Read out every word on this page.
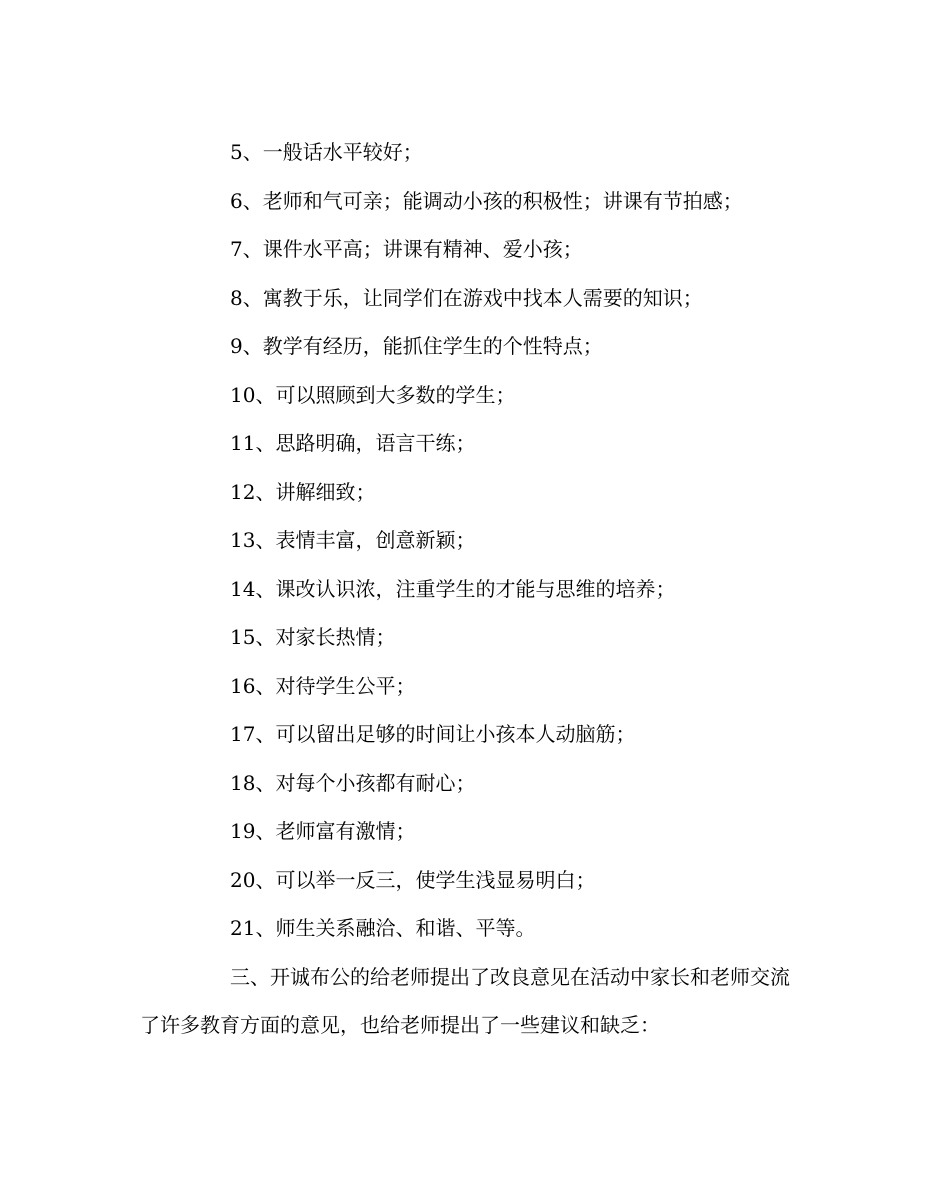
5、一般话水平较好；

6、老师和气可亲；能调动小孩的积极性；讲课有节拍感；

7、课件水平高；讲课有精神、爱小孩；

8、寓教于乐，让同学们在游戏中找本人需要的知识；

9、教学有经历，能抓住学生的个性特点；

10、可以照顾到大多数的学生；

11、思路明确，语言干练；

12、讲解细致；

13、表情丰富，创意新颖；

14、课改认识浓，注重学生的才能与思维的培养；

15、对家长热情；

16、对待学生公平；

17、可以留出足够的时间让小孩本人动脑筋；

18、对每个小孩都有耐心；

19、老师富有激情；

20、可以举一反三，使学生浅显易明白；

21、师生关系融洽、和谐、平等。

三、开诚布公的给老师提出了改良意见在活动中家长和老师交流了许多教育方面的意见，也给老师提出了一些建议和缺乏：
